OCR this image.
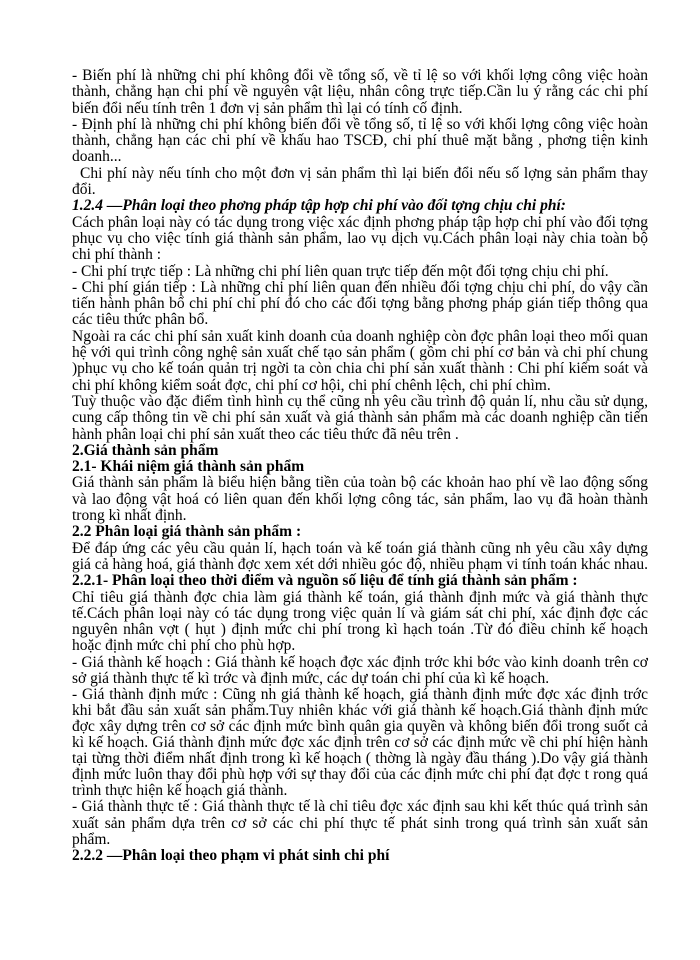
- Biến phí là những chi phí không đổi về tổng số, về tỉ lệ so với khối lợng công việc hoàn thành, chẳng hạn chi phí về nguyên vật liệu, nhân công trực tiếp.Cần lu ý rằng các chi phí biến đổi nếu tính trên 1 đơn vị sản phẩm thì lại có tính cố định.

- Định phí là những chi phí không biến đổi về tổng số, tỉ lệ so với khối lợng công việc hoàn thành, chẳng hạn các chi phí về khấu hao TSCĐ, chi phí thuê mặt bằng , phơng tiện kinh doanh...

Chi phí này nếu tính cho một đơn vị sản phẩm thì lại biến đổi nếu số lợng sản phẩm thay đổi.

1.2.4 —Phân loại theo phơng pháp tập hợp chi phí vào đối tợng chịu chi phí:

Cách phân loại này có tác dụng trong việc xác định phơng pháp tập hợp chi phí vào đối tợng phục vụ cho việc tính giá thành sản phẩm, lao vụ dịch vụ.Cách phân loại này chia toàn bộ chi phí thành :

- Chi phí trực tiếp : Là những chi phí liên quan trực tiếp đến một đối tợng chịu chi phí.

- Chi phí gián tiếp : Là những chi phí liên quan đến nhiều đối tợng chịu chi phí, do vậy cần tiến hành phân bổ chi phí chi phí đó cho các đối tợng bằng phơng pháp gián tiếp thông qua các tiêu thức phân bổ.

Ngoài ra các chi phí sản xuất kinh doanh của doanh nghiệp còn đợc phân loại theo mối quan hệ với qui trình công nghệ sản xuất chế tạo sản phẩm ( gồm chi phí cơ bản và chi phí chung )phục vụ cho kế toán quản trị ngời ta còn chia chi phí sản xuất thành : Chi phí kiểm soát và chi phí không kiểm soát đợc, chi phí cơ hội, chi phí chênh lệch, chi phí chìm.

Tuỳ thuộc vào đặc điểm tình hình cụ thể cũng nh yêu cầu trình độ quản lí, nhu cầu sử dụng, cung cấp thông tin về chi phí sản xuất và giá thành sản phẩm mà các doanh nghiệp cần tiến hành phân loại chi phí sản xuất theo các tiêu thức đã nêu trên .

2.Giá thành sản phẩm
2.1- Khái niệm giá thành sản phẩm

Giá thành sản phẩm là biểu hiện bằng tiền của toàn bộ các khoản hao phí về lao động sống và lao động vật hoá có liên quan đến khối lợng công tác, sản phẩm, lao vụ đã hoàn thành trong kì nhất định.

2.2 Phân loại giá thành sản phẩm :

Để đáp ứng các yêu cầu quản lí, hạch toán và kế toán giá thành cũng nh yêu cầu xây dựng giá cả hàng hoá, giá thành đợc xem xét dới nhiều góc độ, nhiều phạm vi tính toán khác nhau.

2.2.1- Phân loại theo thời điểm và nguồn số liệu để tính giá thành sản phẩm :

Chỉ tiêu giá thành đợc chia làm giá thành kế toán, giá thành định mức và giá thành thực tế.Cách phân loại này có tác dụng trong việc quản lí và giám sát chi phí, xác định đợc các nguyên nhân vợt ( hụt ) định mức chi phí trong kì hạch toán .Từ đó điều chỉnh kế hoạch hoặc định mức chi phí cho phù hợp.

- Giá thành kế hoạch : Giá thành kế hoạch đợc xác định trớc khi bớc vào kinh doanh trên cơ sở giá thành thực tế kì trớc và định mức, các dự toán chi phí của kì kế hoạch.

- Giá thành định mức : Cũng nh giá thành kế hoạch, giá thành định mức đợc xác định trớc khi bắt đầu sản xuất sản phẩm.Tuy nhiên khác với giá thành kế hoạch.Giá thành định mức đợc xây dựng trên cơ sở các định mức bình quân gia quyền và không biến đổi trong suốt cả kì kế hoạch. Giá thành định mức đợc xác định trên cơ sở các định mức về chi phí hiện hành tại từng thời điểm nhất định trong kì kế hoạch ( thờng là ngày đầu tháng ).Do vậy giá thành định mức luôn thay đổi phù hợp với sự thay đổi của các định mức chi phí đạt đợc t rong quá trình thực hiện kế hoạch giá thành.

- Giá thành thực tế : Giá thành thực tế là chỉ tiêu đợc xác định sau khi kết thúc quá trình sản xuất sản phẩm dựa trên cơ sở các chi phí thực tế phát sinh trong quá trình sản xuất sản phẩm.

2.2.2 —Phân loại theo phạm vi phát sinh chi phí
